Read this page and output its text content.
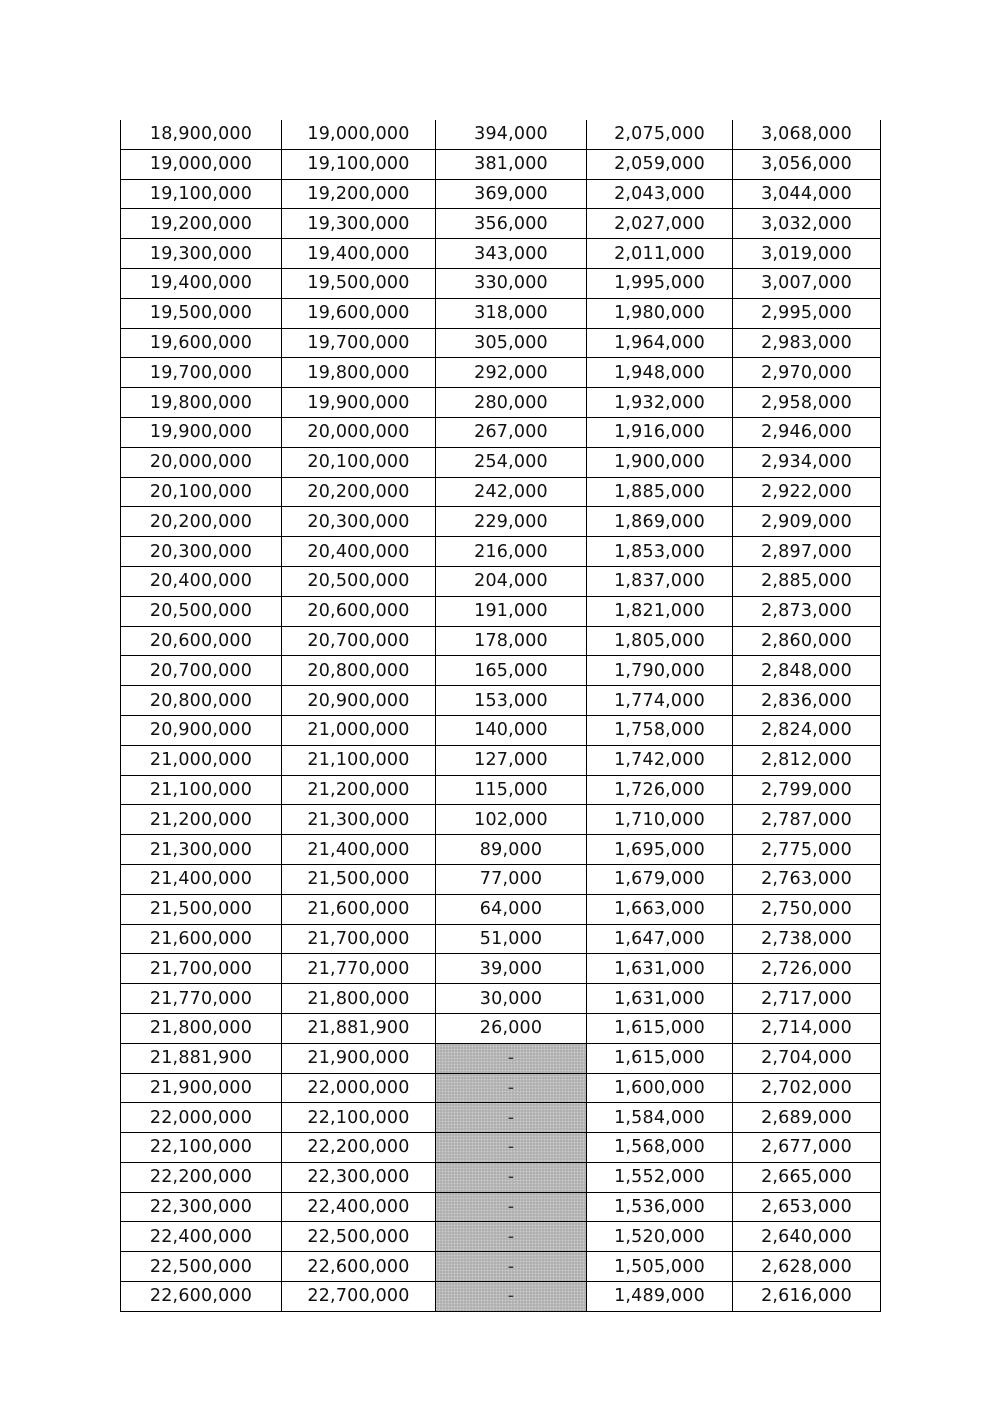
18,900,000	19,000,000	394,000	2,075,000	3,068,000
19,000,000	19,100,000	381,000	2,059,000	3,056,000
19,100,000	19,200,000	369,000	2,043,000	3,044,000
19,200,000	19,300,000	356,000	2,027,000	3,032,000
19,300,000	19,400,000	343,000	2,011,000	3,019,000
19,400,000	19,500,000	330,000	1,995,000	3,007,000
19,500,000	19,600,000	318,000	1,980,000	2,995,000
19,600,000	19,700,000	305,000	1,964,000	2,983,000
19,700,000	19,800,000	292,000	1,948,000	2,970,000
19,800,000	19,900,000	280,000	1,932,000	2,958,000
19,900,000	20,000,000	267,000	1,916,000	2,946,000
20,000,000	20,100,000	254,000	1,900,000	2,934,000
20,100,000	20,200,000	242,000	1,885,000	2,922,000
20,200,000	20,300,000	229,000	1,869,000	2,909,000
20,300,000	20,400,000	216,000	1,853,000	2,897,000
20,400,000	20,500,000	204,000	1,837,000	2,885,000
20,500,000	20,600,000	191,000	1,821,000	2,873,000
20,600,000	20,700,000	178,000	1,805,000	2,860,000
20,700,000	20,800,000	165,000	1,790,000	2,848,000
20,800,000	20,900,000	153,000	1,774,000	2,836,000
20,900,000	21,000,000	140,000	1,758,000	2,824,000
21,000,000	21,100,000	127,000	1,742,000	2,812,000
21,100,000	21,200,000	115,000	1,726,000	2,799,000
21,200,000	21,300,000	102,000	1,710,000	2,787,000
21,300,000	21,400,000	89,000	1,695,000	2,775,000
21,400,000	21,500,000	77,000	1,679,000	2,763,000
21,500,000	21,600,000	64,000	1,663,000	2,750,000
21,600,000	21,700,000	51,000	1,647,000	2,738,000
21,700,000	21,770,000	39,000	1,631,000	2,726,000
21,770,000	21,800,000	30,000	1,631,000	2,717,000
21,800,000	21,881,900	26,000	1,615,000	2,714,000
21,881,900	21,900,000	-	1,615,000	2,704,000
21,900,000	22,000,000	-	1,600,000	2,702,000
22,000,000	22,100,000	-	1,584,000	2,689,000
22,100,000	22,200,000	-	1,568,000	2,677,000
22,200,000	22,300,000	-	1,552,000	2,665,000
22,300,000	22,400,000	-	1,536,000	2,653,000
22,400,000	22,500,000	-	1,520,000	2,640,000
22,500,000	22,600,000	-	1,505,000	2,628,000
22,600,000	22,700,000	-	1,489,000	2,616,000
